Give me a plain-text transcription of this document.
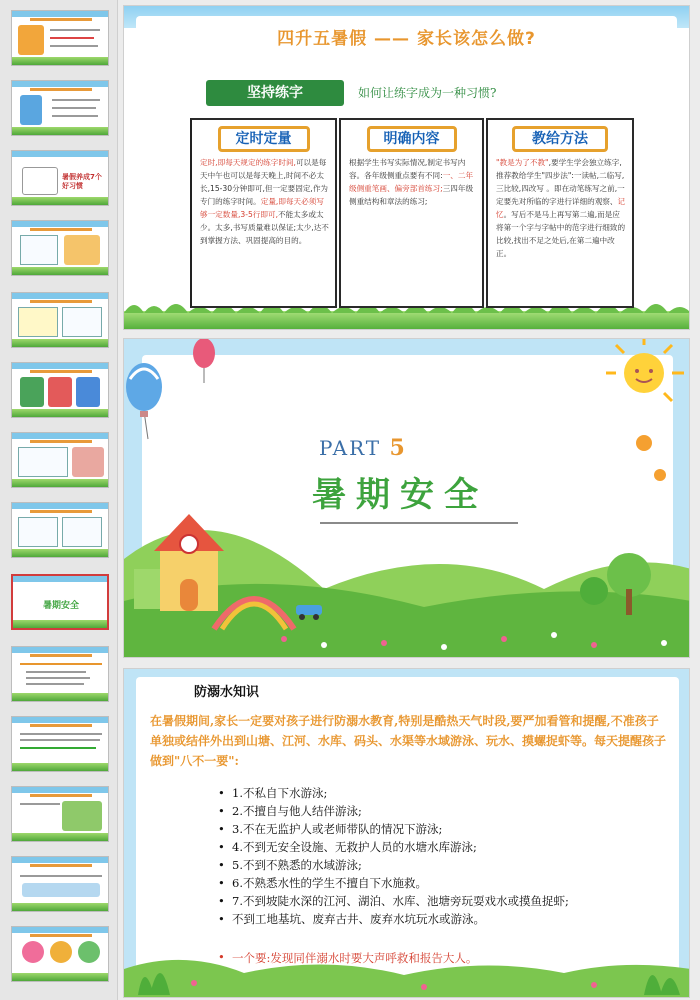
暑假养成7个好习惯
暑期安全
四升五暑假 —— 家长该怎么做?
坚持练字	如何让练字成为一种习惯?
定时定量
定时,即每天规定的练字时间,可以是每天中午也可以是每天晚上,时间不必太长,15-30分钟即可,但一定要固定,作为专门的练字时间。定量,即每天必须写够一定数量,3-5行即可,不能太多或太少。太多,书写质量难以保证;太少,达不到掌握方法、巩固提高的目的。
明确内容
根据学生书写实际情况,制定书写内容。各年级侧重点要有不同:一、二年级侧重笔画、偏旁部首练习;三四年级侧重结构和章法的练习;
教给方法
"教是为了不教",要学生学会独立练字,推荐教给学生"四步法":一读帖,二临写,三比较,四改写 。即在动笔练写之前,一定要先对所临的字进行详细的观察、记忆。写后不是马上再写第二遍,而是应将第一个字与字帖中的范字进行细致的比较,找出不足之处后,在第二遍中改正。
PART 5
暑期安全
防溺水知识
在暑假期间,家长一定要对孩子进行防溺水教育,特别是酷热天气时段,要严加看管和提醒,不准孩子单独或结伴外出到山塘、江河、水库、码头、水渠等水域游泳、玩水、摸螺捉虾等。每天提醒孩子做到"八不一要":
• 1.不私自下水游泳;
• 2.不擅自与他人结伴游泳;
• 3.不在无监护人或老师带队的情况下游泳;
• 4.不到无安全设施、无救护人员的水塘水库游泳;
• 5.不到不熟悉的水域游泳;
• 6.不熟悉水性的学生不擅自下水施救。
• 7.不到坡陡水深的江河、湖泊、水库、池塘旁玩耍戏水或摸鱼捉虾;
• 不到工地基坑、废弃古井、废弃水坑玩水或游泳。
• 一个要:发现同伴溺水时要大声呼救和报告大人。
